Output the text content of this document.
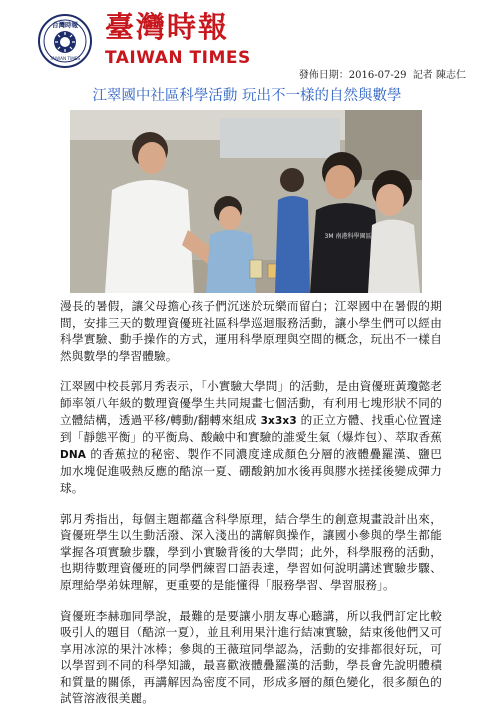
台灣時報
TAIWAN TIMES
臺灣時報
TAIWAN TIMES
發佈日期：2016-07-29 記者 陳志仁
江翠國中社區科學活動 玩出不一樣的自然與數學
3M 南港科學園區

漫長的暑假，讓父母擔心孩子們沉迷於玩樂而留白；江翠國中在暑假的期間，安排三天的數理資優班社區科學巡迴服務活動，讓小學生們可以經由科學實驗、動手操作的方式，運用科學原理與空間的概念，玩出不一樣自然與數學的學習體驗。

江翠國中校長郭月秀表示，「小實驗大學問」的活動，是由資優班黃瓊懿老師率領八年級的數理資優學生共同規畫七個活動，有利用七塊形狀不同的立體結構，透過平移/轉動/翻轉來組成 3x3x3 的正立方體、找重心位置達到「靜態平衡」的平衡鳥、酸鹼中和實驗的誰愛生氣（爆炸包）、萃取香蕉 DNA 的香蕉拉的秘密、製作不同濃度達成顏色分層的液體疊羅漢、鹽巴加水塊促進吸熱反應的酷涼一夏、硼酸鈉加水後再與膠水搓揉後變成彈力球。

郭月秀指出，每個主題都蘊含科學原理，結合學生的創意規畫設計出來，資優班學生以生動活潑、深入淺出的講解與操作，讓國小參與的學生都能掌握各項實驗步驟，學到小實驗背後的大學問；此外，科學服務的活動，也期待數理資優班的同學們練習口語表達，學習如何說明講述實驗步驟、原理給學弟妹理解，更重要的是能懂得「服務學習、學習服務」。

資優班李赫珈同學說，最難的是要讓小朋友專心聽講，所以我們訂定比較吸引人的題目（酷涼一夏），並且利用果汁進行結凍實驗，結束後他們又可享用冰涼的果汁冰棒；參與的王薇瑄同學認為，活動的安排都很好玩，可以學習到不同的科學知識，最喜歡液體疊羅漢的活動，學長會先說明體積和質量的關係，再講解因為密度不同，形成多層的顏色變化，很多顏色的試管溶液很美麗。
